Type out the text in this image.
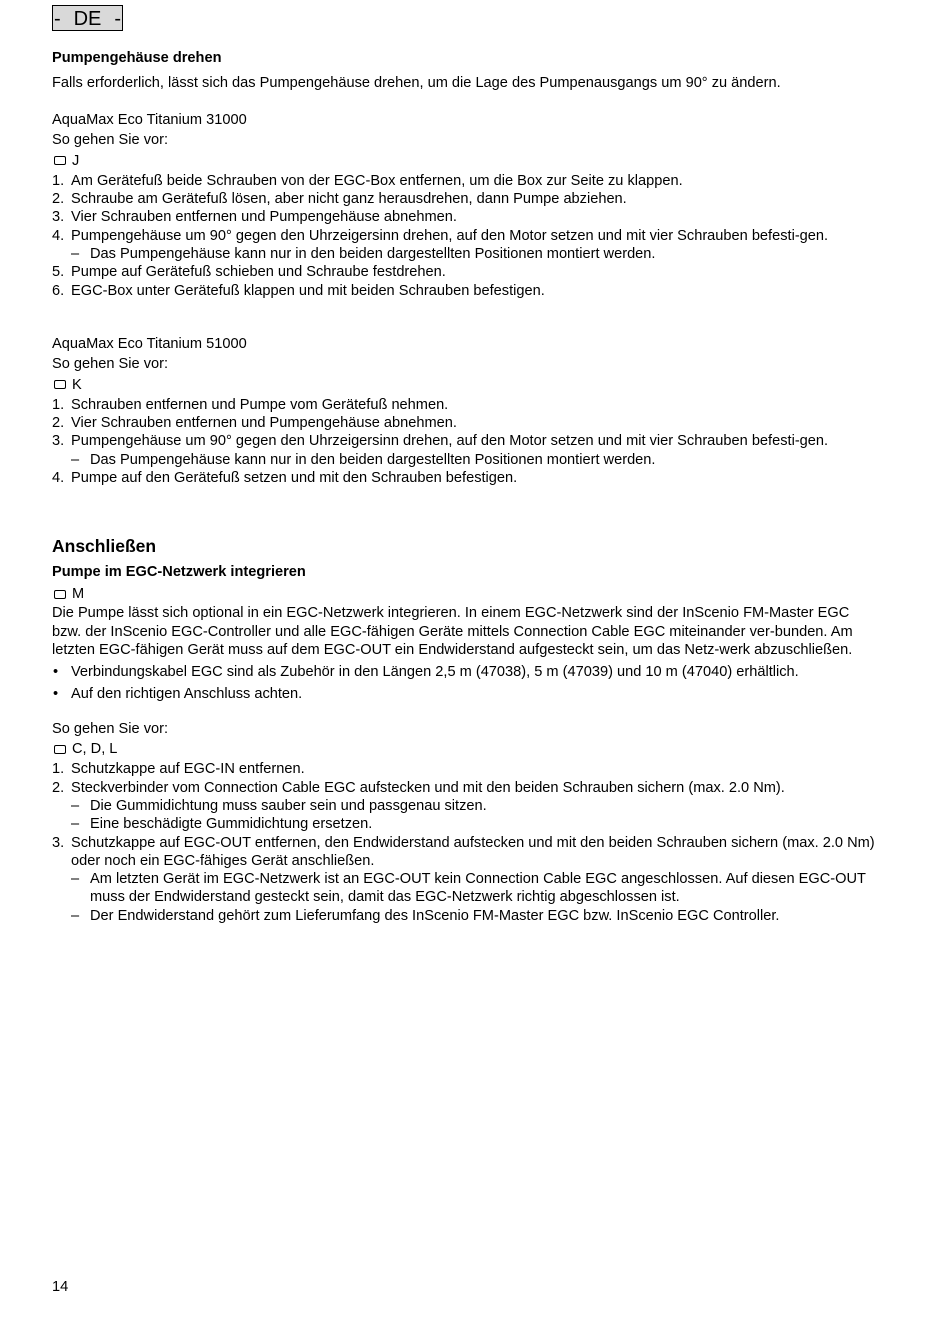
- DE -
Pumpengehäuse drehen

Falls erforderlich, lässt sich das Pumpengehäuse drehen, um die Lage des Pumpenausgangs um 90° zu ändern.

AquaMax Eco Titanium 31000

So gehen Sie vor:

J

1. Am Gerätefuß beide Schrauben von der EGC-Box entfernen, um die Box zur Seite zu klappen.
2. Schraube am Gerätefuß lösen, aber nicht ganz herausdrehen, dann Pumpe abziehen.
3. Vier Schrauben entfernen und Pumpengehäuse abnehmen.
4. Pumpengehäuse um 90° gegen den Uhrzeigersinn drehen, auf den Motor setzen und mit vier Schrauben befesti-gen.
– Das Pumpengehäuse kann nur in den beiden dargestellten Positionen montiert werden.
5. Pumpe auf Gerätefuß schieben und Schraube festdrehen.
6. EGC-Box unter Gerätefuß klappen und mit beiden Schrauben befestigen.

AquaMax Eco Titanium 51000

So gehen Sie vor:

K

1. Schrauben entfernen und Pumpe vom Gerätefuß nehmen.
2. Vier Schrauben entfernen und Pumpengehäuse abnehmen.
3. Pumpengehäuse um 90° gegen den Uhrzeigersinn drehen, auf den Motor setzen und mit vier Schrauben befesti-gen.
– Das Pumpengehäuse kann nur in den beiden dargestellten Positionen montiert werden.
4. Pumpe auf den Gerätefuß setzen und mit den Schrauben befestigen.
Anschließen
Pumpe im EGC-Netzwerk integrieren

M

Die Pumpe lässt sich optional in ein EGC-Netzwerk integrieren. In einem EGC-Netzwerk sind der InScenio FM-Master EGC bzw. der InScenio EGC-Controller und alle EGC-fähigen Geräte mittels Connection Cable EGC miteinander ver-bunden. Am letzten EGC-fähigen Gerät muss auf dem EGC-OUT ein Endwiderstand aufgesteckt sein, um das Netz-werk abzuschließen.

• Verbindungskabel EGC sind als Zubehör in den Längen 2,5 m (47038), 5 m (47039) und 10 m (47040) erhältlich.
• Auf den richtigen Anschluss achten.

So gehen Sie vor:

C, D, L

1. Schutzkappe auf EGC-IN entfernen.
2. Steckverbinder vom Connection Cable EGC aufstecken und mit den beiden Schrauben sichern (max. 2.0 Nm).
– Die Gummidichtung muss sauber sein und passgenau sitzen.
– Eine beschädigte Gummidichtung ersetzen.
3. Schutzkappe auf EGC-OUT entfernen, den Endwiderstand aufstecken und mit den beiden Schrauben sichern (max. 2.0 Nm) oder noch ein EGC-fähiges Gerät anschließen.
– Am letzten Gerät im EGC-Netzwerk ist an EGC-OUT kein Connection Cable EGC angeschlossen. Auf diesen EGC-OUT muss der Endwiderstand gesteckt sein, damit das EGC-Netzwerk richtig abgeschlossen ist.
– Der Endwiderstand gehört zum Lieferumfang des InScenio FM-Master EGC bzw. InScenio EGC Controller.
14
